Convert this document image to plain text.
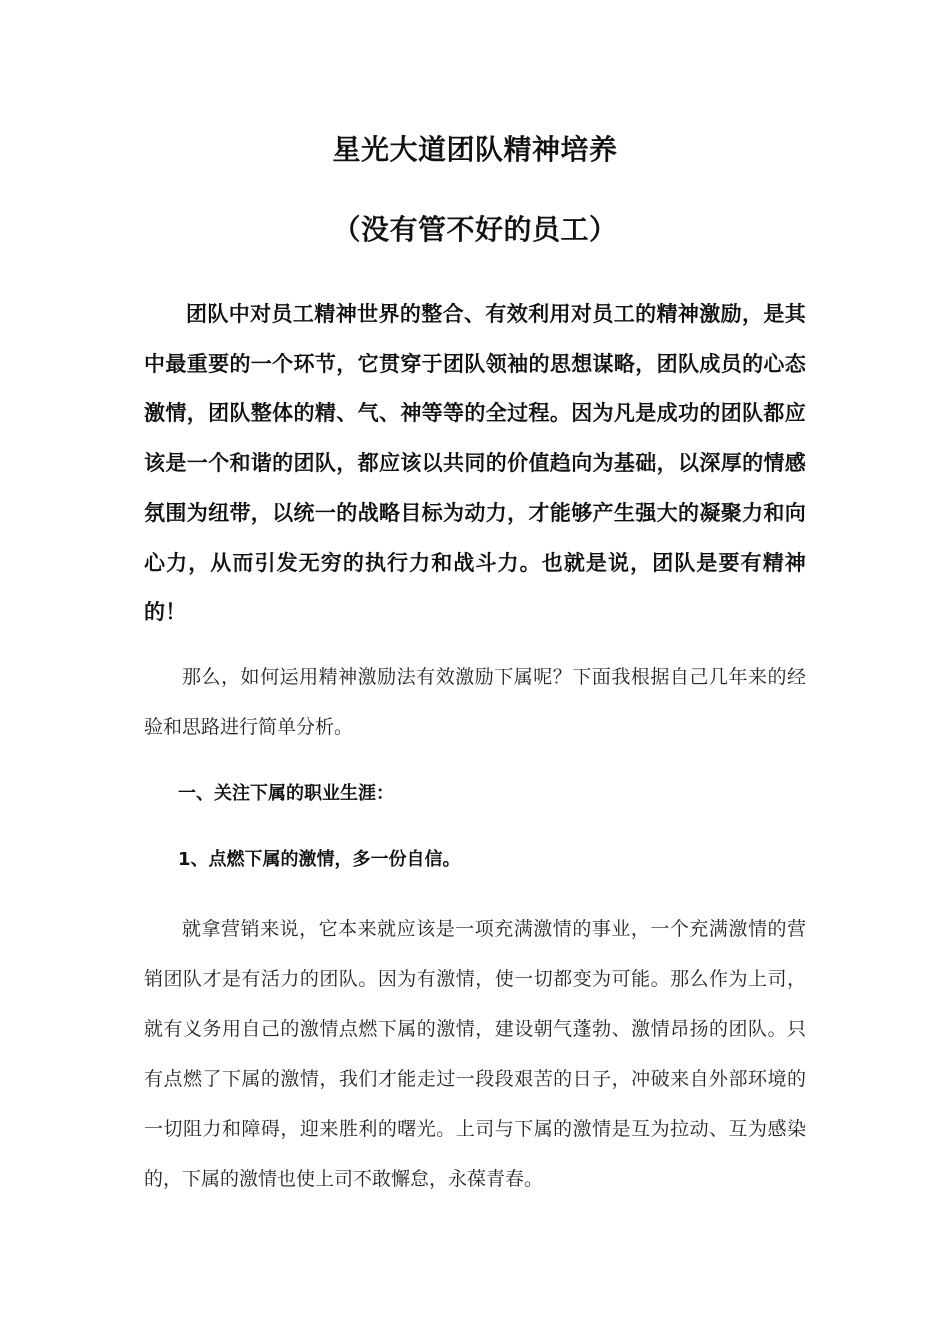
星光大道团队精神培养
（没有管不好的员工）
团队中对员工精神世界的整合、有效利用对员工的精神激励，是其中最重要的一个环节，它贯穿于团队领袖的思想谋略，团队成员的心态激情，团队整体的精、气、神等等的全过程。因为凡是成功的团队都应该是一个和谐的团队，都应该以共同的价值趋向为基础，以深厚的情感氛围为纽带，以统一的战略目标为动力，才能够产生强大的凝聚力和向心力，从而引发无穷的执行力和战斗力。也就是说，团队是要有精神的！
那么，如何运用精神激励法有效激励下属呢？下面我根据自己几年来的经验和思路进行简单分析。
一、关注下属的职业生涯：
1、点燃下属的激情，多一份自信。
就拿营销来说，它本来就应该是一项充满激情的事业，一个充满激情的营销团队才是有活力的团队。因为有激情，使一切都变为可能。那么作为上司，就有义务用自己的激情点燃下属的激情，建设朝气蓬勃、激情昂扬的团队。只有点燃了下属的激情，我们才能走过一段段艰苦的日子，冲破来自外部环境的一切阻力和障碍，迎来胜利的曙光。上司与下属的激情是互为拉动、互为感染的，下属的激情也使上司不敢懈怠，永葆青春。
